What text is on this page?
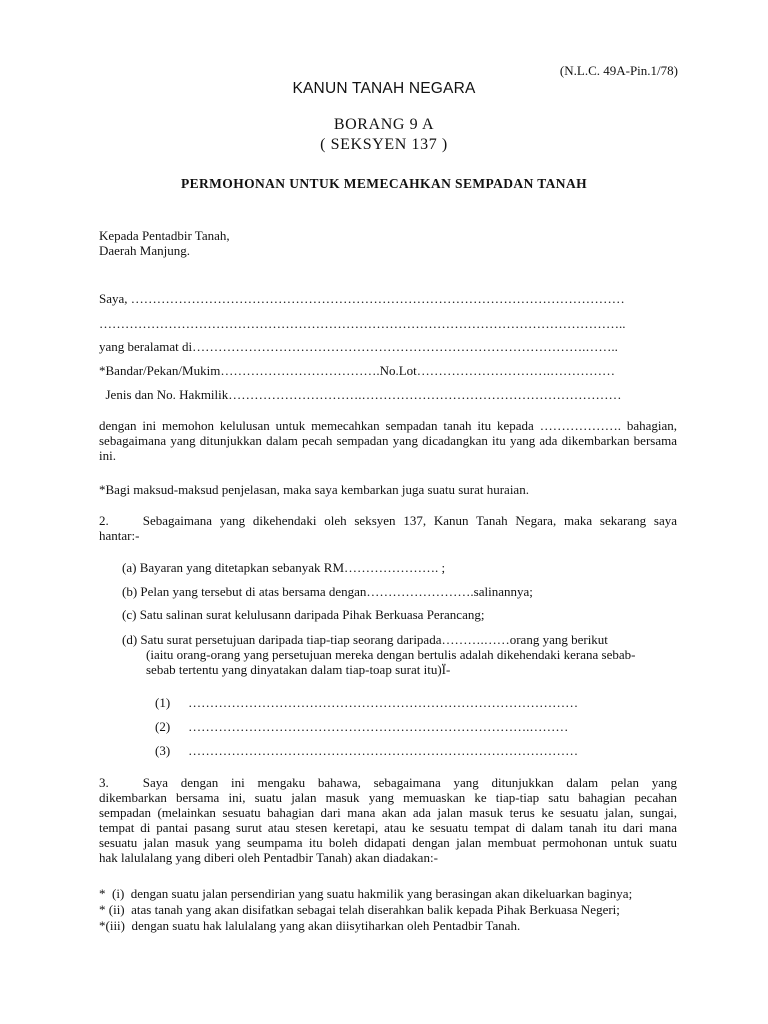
(N.L.C. 49A-Pin.1/78)
KANUN TANAH NEGARA
BORANG 9 A
( SEKSYEN 137 )
PERMOHONAN UNTUK MEMECAHKAN SEMPADAN TANAH
Kepada Pentadbir Tanah,
Daerah Manjung.
Saya, ……………………………………………………………………………………………………
…………………………………………………………………………………………………………..
yang beralamat di……………………………………………………………………………….……..
*Bandar/Pekan/Mukim……………………………….No.Lot………………………….……………
Jenis dan No. Hakmilik………………………….……………………………………………………
dengan ini memohon kelulusan untuk memecahkan sempadan tanah itu kepada ………………. bahagian, sebagaimana yang ditunjukkan dalam pecah sempadan yang dicadangkan itu yang ada dikembarkan bersama ini.
*Bagi maksud-maksud penjelasan, maka saya kembarkan juga suatu surat huraian.
2.	Sebagaimana yang dikehendaki oleh seksyen 137, Kanun Tanah Negara, maka sekarang saya
hantar:-
(a) Bayaran yang ditetapkan sebanyak RM…………………. ;
(b) Pelan yang tersebut di atas bersama dengan…………………….salinannya;
(c) Satu salinan surat kelulusann daripada Pihak Berkuasa Perancang;
(d) Satu surat persetujuan daripada tiap-tiap seorang daripada……….……orang yang berikut
(iaitu orang-orang yang persetujuan mereka dengan bertulis adalah dikehendaki kerana sebab-
sebab tertentu yang dinyatakan dalam tiap-toap surat itu)Ï-
(1) ………………………………………………………………………………
(2) …………………………………………………………………….………
(3) ………………………………………………………………………………
3.	Saya dengan ini mengaku bahawa, sebagaimana yang ditunjukkan dalam pelan yang
dikembarkan bersama ini, suatu jalan masuk yang memuaskan ke tiap-tiap satu bahagian pecahan
sempadan (melainkan sesuatu bahagian dari mana akan ada jalan masuk terus ke sesuatu jalan, sungai,
tempat di pantai pasang surut atau stesen keretapi, atau ke sesuatu tempat di dalam tanah itu dari mana
sesuatu jalan masuk yang seumpama itu boleh didapati dengan jalan membuat permohonan untuk suatu
hak lalulalang yang diberi oleh Pentadbir Tanah) akan diadakan:-
*  (i)  dengan suatu jalan persendirian yang suatu hakmilik yang berasingan akan dikeluarkan baginya;
* (ii)  atas tanah yang akan disifatkan sebagai telah diserahkan balik kepada Pihak Berkuasa Negeri;
*(iii)  dengan suatu hak lalulalang yang akan diisytiharkan oleh Pentadbir Tanah.
